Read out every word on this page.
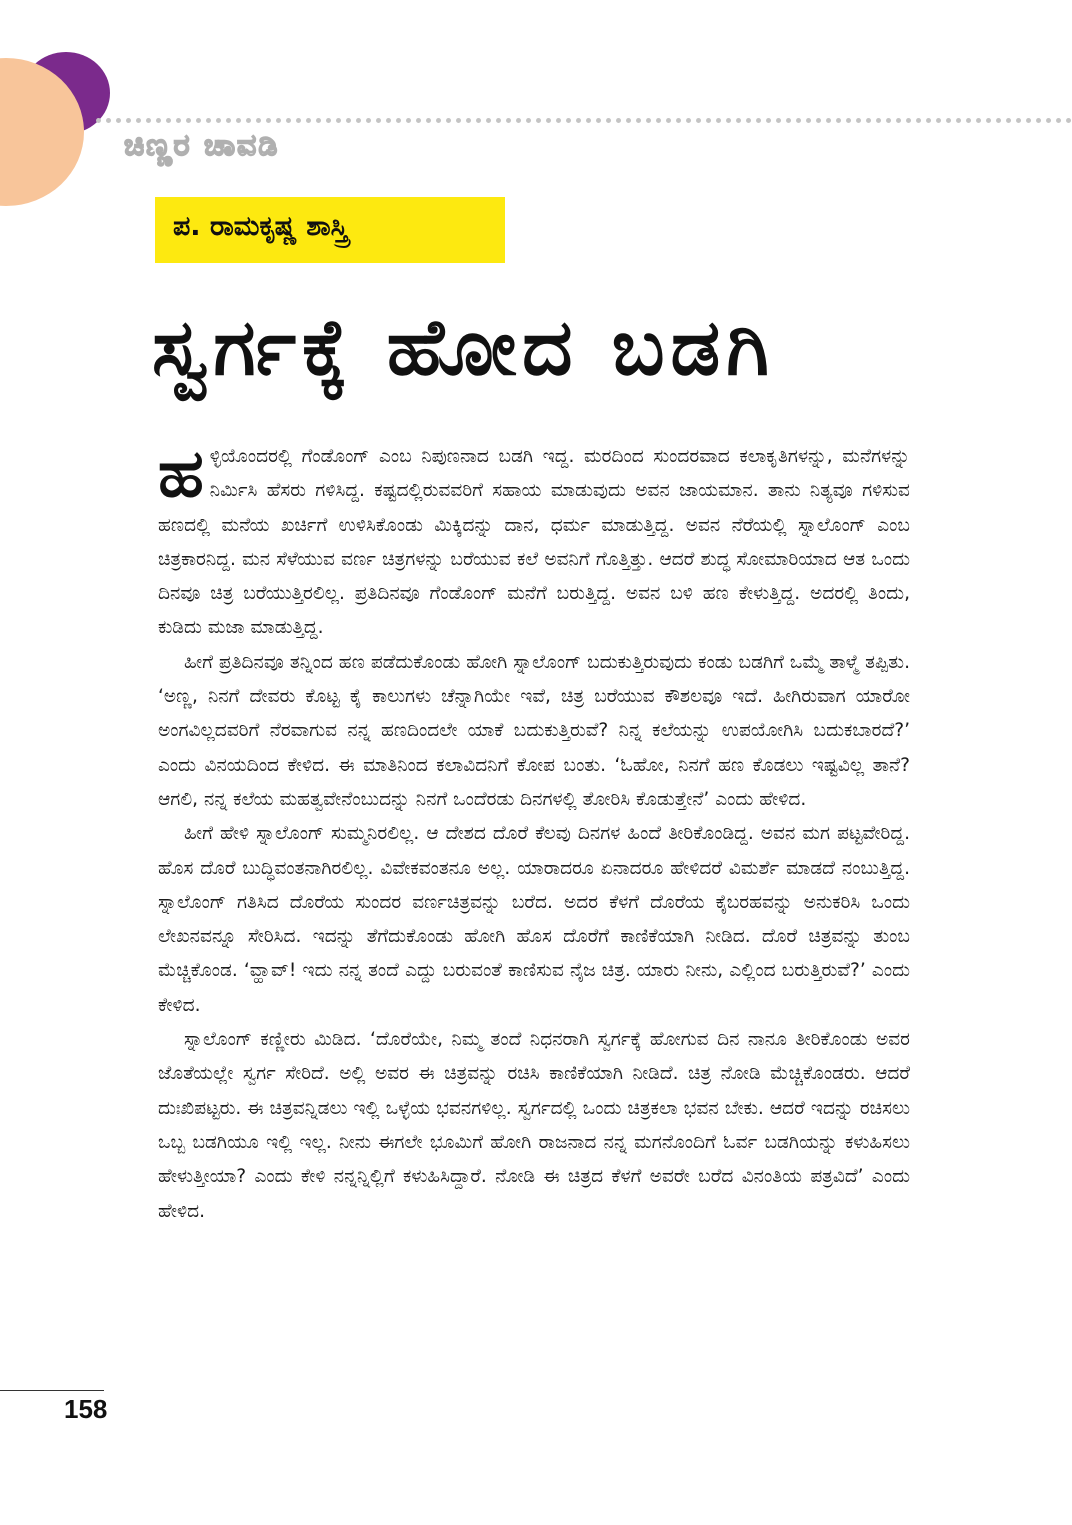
ಚಿಣ್ಣರ ಚಾವಡಿ
ಪ. ರಾಮಕೃಷ್ಣ ಶಾಸ್ತ್ರಿ
ಸ್ವರ್ಗಕ್ಕೆ ಹೋದ ಬಡಗಿ

ಹಳ್ಳಿಯೊಂದರಲ್ಲಿ ಗೆಂಡೊಂಗ್ ಎಂಬ ನಿಪುಣನಾದ ಬಡಗಿ ಇದ್ದ. ಮರದಿಂದ ಸುಂದರವಾದ ಕಲಾಕೃತಿಗಳನ್ನು, ಮನೆಗಳನ್ನು ನಿರ್ಮಿಸಿ ಹೆಸರು ಗಳಿಸಿದ್ದ. ಕಷ್ಟದಲ್ಲಿರುವವರಿಗೆ ಸಹಾಯ ಮಾಡುವುದು ಅವನ ಜಾಯಮಾನ. ತಾನು ನಿತ್ಯವೂ ಗಳಿಸುವ ಹಣದಲ್ಲಿ ಮನೆಯ ಖರ್ಚಿಗೆ ಉಳಿಸಿಕೊಂಡು ಮಿಕ್ಕಿದನ್ನು ದಾನ, ಧರ್ಮ ಮಾಡುತ್ತಿದ್ದ. ಅವನ ನೆರೆಯಲ್ಲಿ ಸ್ನಾಲೊಂಗ್ ಎಂಬ ಚಿತ್ರಕಾರನಿದ್ದ. ಮನ ಸೆಳೆಯುವ ವರ್ಣ ಚಿತ್ರಗಳನ್ನು ಬರೆಯುವ ಕಲೆ ಅವನಿಗೆ ಗೊತ್ತಿತ್ತು. ಆದರೆ ಶುದ್ಧ ಸೋಮಾರಿಯಾದ ಆತ ಒಂದು ದಿನವೂ ಚಿತ್ರ ಬರೆಯುತ್ತಿರಲಿಲ್ಲ. ಪ್ರತಿದಿನವೂ ಗೆಂಡೊಂಗ್ ಮನೆಗೆ ಬರುತ್ತಿದ್ದ. ಅವನ ಬಳಿ ಹಣ ಕೇಳುತ್ತಿದ್ದ. ಅದರಲ್ಲಿ ತಿಂದು, ಕುಡಿದು ಮಜಾ ಮಾಡುತ್ತಿದ್ದ.

ಹೀಗೆ ಪ್ರತಿದಿನವೂ ತನ್ನಿಂದ ಹಣ ಪಡೆದುಕೊಂಡು ಹೋಗಿ ಸ್ನಾಲೊಂಗ್ ಬದುಕುತ್ತಿರುವುದು ಕಂಡು ಬಡಗಿಗೆ ಒಮ್ಮೆ ತಾಳ್ಮೆ ತಪ್ಪಿತು. ‘ಅಣ್ಣ, ನಿನಗೆ ದೇವರು ಕೊಟ್ಟ ಕೈ ಕಾಲುಗಳು ಚೆನ್ನಾಗಿಯೇ ಇವೆ, ಚಿತ್ರ ಬರೆಯುವ ಕೌಶಲವೂ ಇದೆ. ಹೀಗಿರುವಾಗ ಯಾರೋ ಅಂಗವಿಲ್ಲದವರಿಗೆ ನೆರವಾಗುವ ನನ್ನ ಹಣದಿಂದಲೇ ಯಾಕೆ ಬದುಕುತ್ತಿರುವೆ? ನಿನ್ನ ಕಲೆಯನ್ನು ಉಪಯೋಗಿಸಿ ಬದುಕಬಾರದೆ?’ ಎಂದು ವಿನಯದಿಂದ ಕೇಳಿದ. ಈ ಮಾತಿನಿಂದ ಕಲಾವಿದನಿಗೆ ಕೋಪ ಬಂತು. ‘ಓಹೋ, ನಿನಗೆ ಹಣ ಕೊಡಲು ಇಷ್ಟವಿಲ್ಲ ತಾನೆ? ಆಗಲಿ, ನನ್ನ ಕಲೆಯ ಮಹತ್ವವೇನೆಂಬುದನ್ನು ನಿನಗೆ ಒಂದೆರಡು ದಿನಗಳಲ್ಲಿ ತೋರಿಸಿ ಕೊಡುತ್ತೇನೆ’ ಎಂದು ಹೇಳಿದ.

ಹೀಗೆ ಹೇಳಿ ಸ್ನಾಲೊಂಗ್ ಸುಮ್ಮನಿರಲಿಲ್ಲ. ಆ ದೇಶದ ದೊರೆ ಕೆಲವು ದಿನಗಳ ಹಿಂದೆ ತೀರಿಕೊಂಡಿದ್ದ. ಅವನ ಮಗ ಪಟ್ಟವೇರಿದ್ದ. ಹೊಸ ದೊರೆ ಬುದ್ಧಿವಂತನಾಗಿರಲಿಲ್ಲ. ವಿವೇಕವಂತನೂ ಅಲ್ಲ. ಯಾರಾದರೂ ಏನಾದರೂ ಹೇಳಿದರೆ ವಿಮರ್ಶೆ ಮಾಡದೆ ನಂಬುತ್ತಿದ್ದ. ಸ್ನಾಲೊಂಗ್ ಗತಿಸಿದ ದೊರೆಯ ಸುಂದರ ವರ್ಣಚಿತ್ರವನ್ನು ಬರೆದ. ಅದರ ಕೆಳಗೆ ದೊರೆಯ ಕೈಬರಹವನ್ನು ಅನುಕರಿಸಿ ಒಂದು ಲೇಖನವನ್ನೂ ಸೇರಿಸಿದ. ಇದನ್ನು ತೆಗೆದುಕೊಂಡು ಹೋಗಿ ಹೊಸ ದೊರೆಗೆ ಕಾಣಿಕೆಯಾಗಿ ನೀಡಿದ. ದೊರೆ ಚಿತ್ರವನ್ನು ತುಂಬ ಮೆಚ್ಚಿಕೊಂಡ. ‘ವ್ಹಾವ್! ಇದು ನನ್ನ ತಂದೆ ಎದ್ದು ಬರುವಂತೆ ಕಾಣಿಸುವ ನೈಜ ಚಿತ್ರ. ಯಾರು ನೀನು, ಎಲ್ಲಿಂದ ಬರುತ್ತಿರುವೆ?’ ಎಂದು ಕೇಳಿದ.

ಸ್ನಾಲೊಂಗ್ ಕಣ್ಣೀರು ಮಿಡಿದ. ‘ದೊರೆಯೇ, ನಿಮ್ಮ ತಂದೆ ನಿಧನರಾಗಿ ಸ್ವರ್ಗಕ್ಕೆ ಹೋಗುವ ದಿನ ನಾನೂ ತೀರಿಕೊಂಡು ಅವರ ಜೊತೆಯಲ್ಲೇ ಸ್ವರ್ಗ ಸೇರಿದೆ. ಅಲ್ಲಿ ಅವರ ಈ ಚಿತ್ರವನ್ನು ರಚಿಸಿ ಕಾಣಿಕೆಯಾಗಿ ನೀಡಿದೆ. ಚಿತ್ರ ನೋಡಿ ಮೆಚ್ಚಿಕೊಂಡರು. ಆದರೆ ದುಃಖಿಪಟ್ಟರು. ಈ ಚಿತ್ರವನ್ನಿಡಲು ಇಲ್ಲಿ ಒಳ್ಳೆಯ ಭವನಗಳಿಲ್ಲ. ಸ್ವರ್ಗದಲ್ಲಿ ಒಂದು ಚಿತ್ರಕಲಾ ಭವನ ಬೇಕು. ಆದರೆ ಇದನ್ನು ರಚಿಸಲು ಒಬ್ಬ ಬಡಗಿಯೂ ಇಲ್ಲಿ ಇಲ್ಲ. ನೀನು ಈಗಲೇ ಭೂಮಿಗೆ ಹೋಗಿ ರಾಜನಾದ ನನ್ನ ಮಗನೊಂದಿಗೆ ಓರ್ವ ಬಡಗಿಯನ್ನು ಕಳುಹಿಸಲು ಹೇಳುತ್ತೀಯಾ? ಎಂದು ಕೇಳಿ ನನ್ನನ್ನಿಲ್ಲಿಗೆ ಕಳುಹಿಸಿದ್ದಾರೆ. ನೋಡಿ ಈ ಚಿತ್ರದ ಕೆಳಗೆ ಅವರೇ ಬರೆದ ವಿನಂತಿಯ ಪತ್ರವಿದೆ’ ಎಂದು ಹೇಳಿದ.

158
